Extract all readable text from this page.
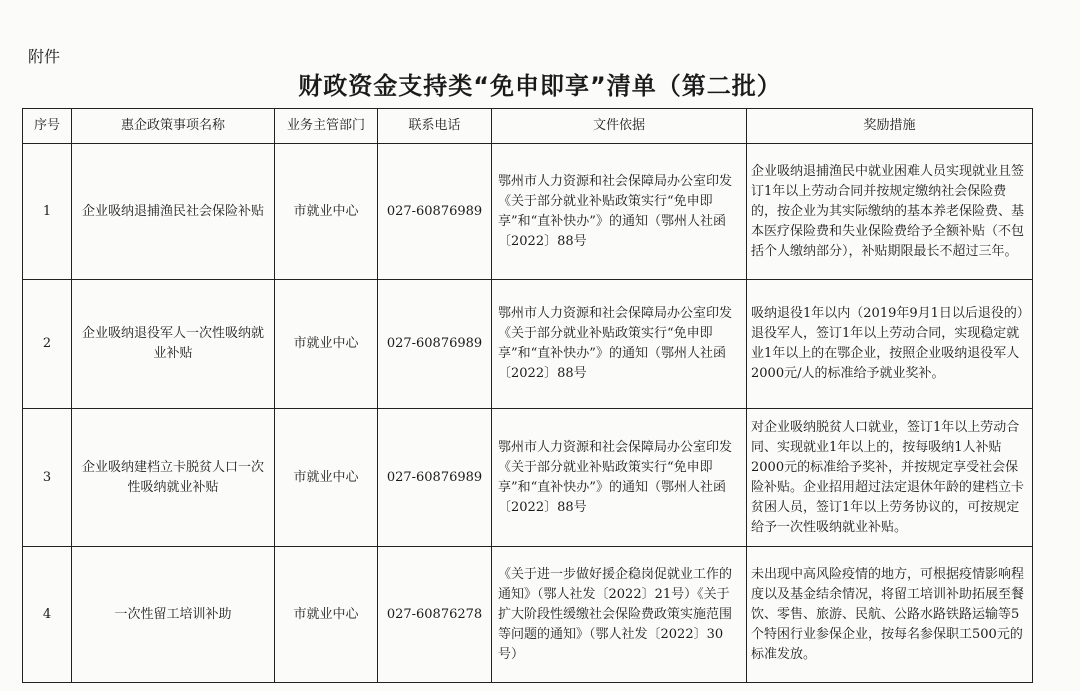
附件
财政资金支持类“免申即享”清单（第二批）
序号	惠企政策事项名称	业务主管部门	联系电话	文件依据	奖励措施
1	企业吸纳退捕渔民社会保险补贴	市就业中心	027-60876989	鄂州市人力资源和社会保障局办公室印发《关于部分就业补贴政策实行“免申即享”和“直补快办”》的通知（鄂州人社函〔2022〕88号	企业吸纳退捕渔民中就业困难人员实现就业且签订1年以上劳动合同并按规定缴纳社会保险费的，按企业为其实际缴纳的基本养老保险费、基本医疗保险费和失业保险费给予全额补贴（不包括个人缴纳部分），补贴期限最长不超过三年。
2	企业吸纳退役军人一次性吸纳就业补贴	市就业中心	027-60876989	鄂州市人力资源和社会保障局办公室印发《关于部分就业补贴政策实行“免申即享”和“直补快办”》的通知（鄂州人社函〔2022〕88号	吸纳退役1年以内（2019年9月1日以后退役的）退役军人，签订1年以上劳动合同，实现稳定就业1年以上的在鄂企业，按照企业吸纳退役军人2000元/人的标准给予就业奖补。
3	企业吸纳建档立卡脱贫人口一次性吸纳就业补贴	市就业中心	027-60876989	鄂州市人力资源和社会保障局办公室印发《关于部分就业补贴政策实行“免申即享”和“直补快办”》的通知（鄂州人社函〔2022〕88号	对企业吸纳脱贫人口就业，签订1年以上劳动合同、实现就业1年以上的，按每吸纳1人补贴2000元的标准给予奖补，并按规定享受社会保险补贴。企业招用超过法定退休年龄的建档立卡贫困人员，签订1年以上劳务协议的，可按规定给予一次性吸纳就业补贴。
4	一次性留工培训补助	市就业中心	027-60876278	《关于进一步做好援企稳岗促就业工作的通知》（鄂人社发〔2022〕21号）《关于扩大阶段性缓缴社会保险费政策实施范围等问题的通知》（鄂人社发〔2022〕30号）	未出现中高风险疫情的地方，可根据疫情影响程度以及基金结余情况，将留工培训补助拓展至餐饮、零售、旅游、民航、公路水路铁路运输等5个特困行业参保企业，按每名参保职工500元的标准发放。
